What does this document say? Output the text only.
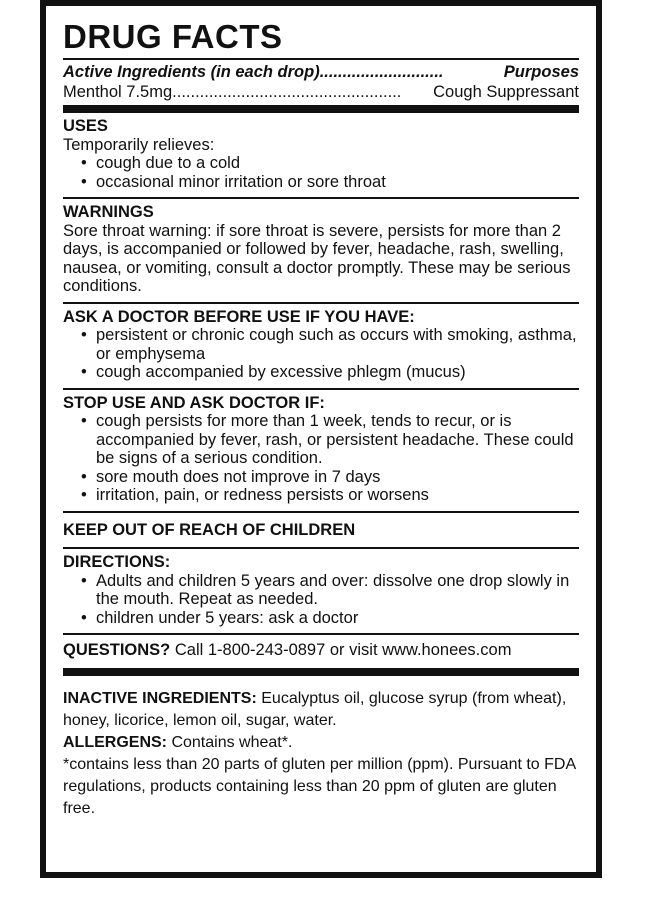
DRUG FACTS
Active Ingredients (in each drop) ...........................	Purposes
Menthol 7.5mg ..................................................	Cough Suppressant
USES
Temporarily relieves:
• cough due to a cold
• occasional minor irritation or sore throat
WARNINGS
Sore throat warning: if sore throat is severe, persists for more than 2 days, is accompanied or followed by fever, headache, rash, swelling, nausea, or vomiting, consult a doctor promptly. These may be serious conditions.
ASK A DOCTOR BEFORE USE IF YOU HAVE:
• persistent or chronic cough such as occurs with smoking, asthma, or emphysema
• cough accompanied by excessive phlegm (mucus)
STOP USE AND ASK DOCTOR IF:
• cough persists for more than 1 week, tends to recur, or is accompanied by fever, rash, or persistent headache. These could be signs of a serious condition.
• sore mouth does not improve in 7 days
• irritation, pain, or redness persists or worsens
KEEP OUT OF REACH OF CHILDREN
DIRECTIONS:
• Adults and children 5 years and over: dissolve one drop slowly in the mouth. Repeat as needed.
• children under 5 years: ask a doctor
QUESTIONS? Call 1-800-243-0897 or visit www.honees.com
INACTIVE INGREDIENTS: Eucalyptus oil, glucose syrup (from wheat), honey, licorice, lemon oil, sugar, water.
ALLERGENS: Contains wheat*.
*contains less than 20 parts of gluten per million (ppm). Pursuant to FDA regulations, products containing less than 20 ppm of gluten are gluten free.
